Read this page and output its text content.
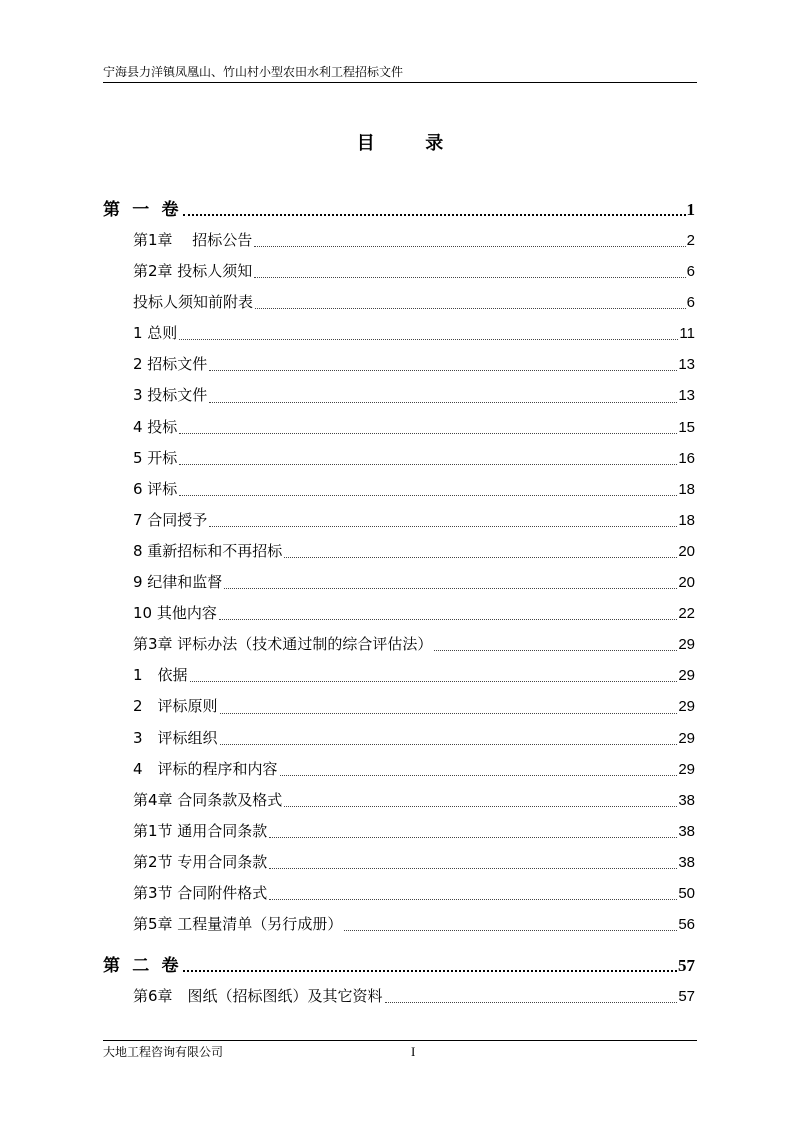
宁海县力洋镇凤凰山、竹山村小型农田水利工程招标文件
目 录
第 一 卷	1
第1章　 招标公告	2
第2章 投标人须知	6
投标人须知前附表	6
1 总则	11
2 招标文件	13
3 投标文件	13
4 投标	15
5 开标	16
6 评标	18
7 合同授予	18
8 重新招标和不再招标	20
9 纪律和监督	20
10 其他内容	22
第3章 评标办法（技术通过制的综合评估法）	29
1　依据	29
2　评标原则	29
3　评标组织	29
4　评标的程序和内容	29
第4章 合同条款及格式	38
第1节 通用合同条款	38
第2节 专用合同条款	38
第3节 合同附件格式	50
第5章 工程量清单（另行成册）	56
第 二 卷	57
第6章　图纸（招标图纸）及其它资料	57
大地工程咨询有限公司	I
